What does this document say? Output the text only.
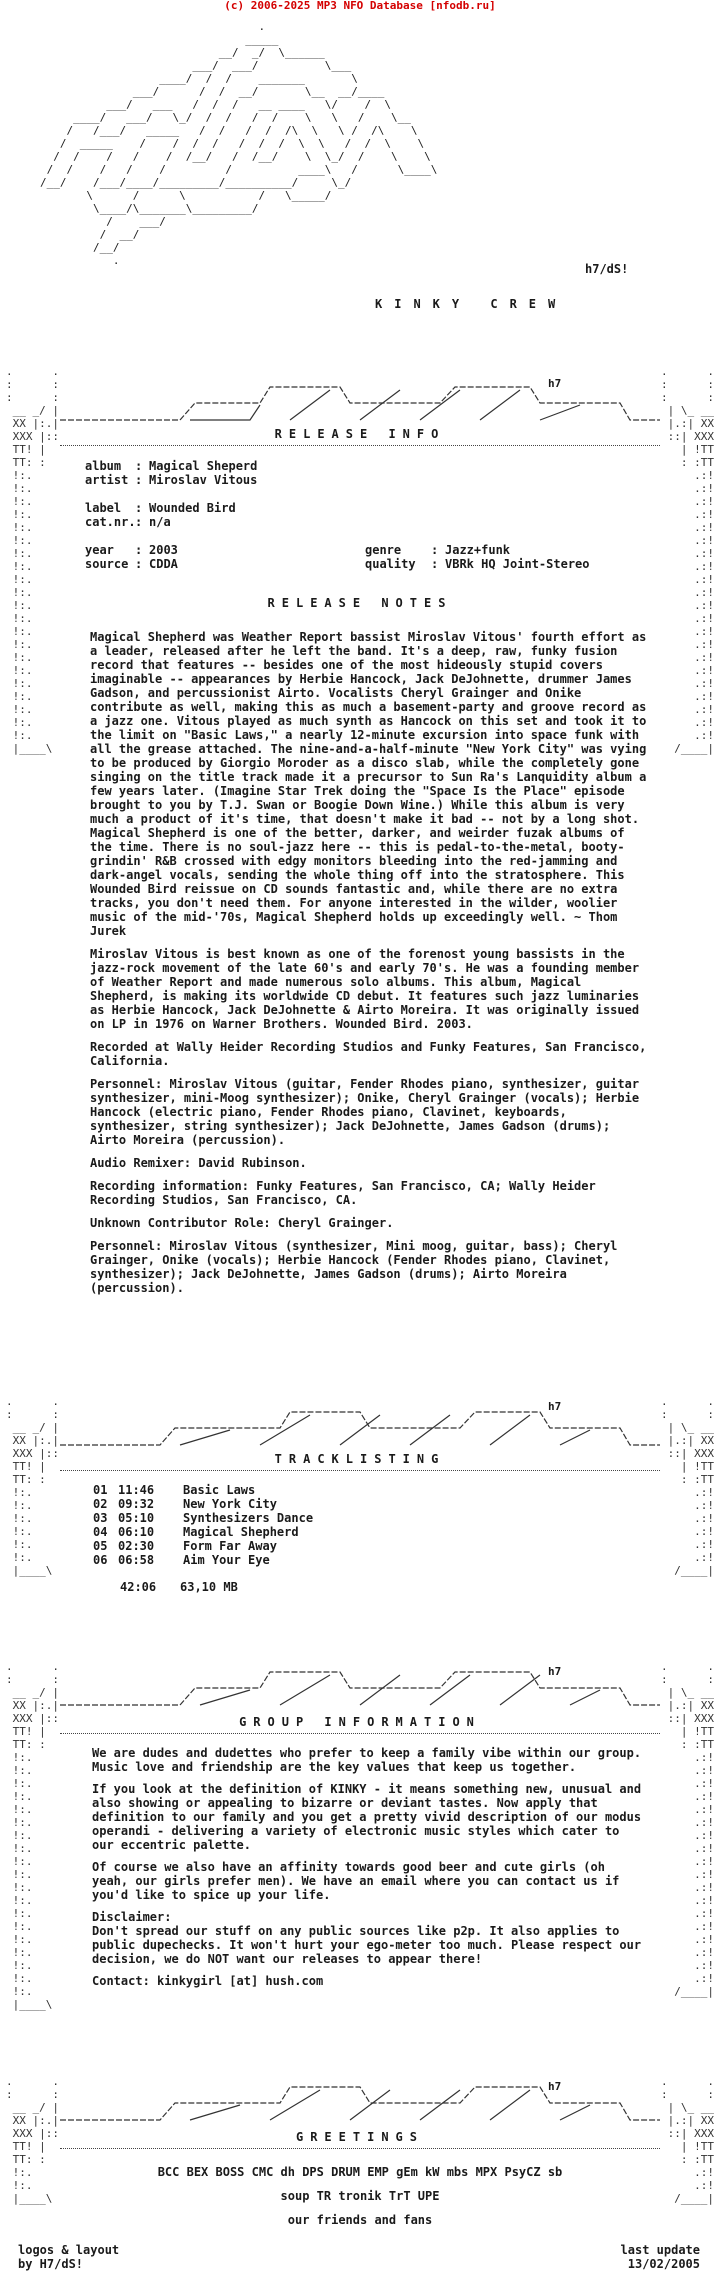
(c) 2006-2025 MP3 NFO Database [nfodb.ru]
.
_____
__/  _/  \______
___/  ___/          \___
____/  /  /    _______       \
___/      /  /  __/       \__  __/____
___/   ___   /  /  /   __ ____   \/    /  \
____/   ___/   \_/  /  /   /  /    \   \   /    \__
/   /___/   _____   /  /   /  /  /\  \   \ /  /\    \
/  _____    /    /  /  /   /  /  /  \  \   /  /  \    \
/  /    /   /    /  /__/   /  /__/    \  \_/  /    \    \
/  /    /   /    /         /          ____\   /      \____\
/__/    /___/____/_________/__________/     \_/
\      /      \           /   \_____/
\____/\_______\_________/
/    ___/
/  __/
/__/
.

h7/dS!
KINKY CREW
h7
.      .
:      :
:      :
__ _/ |
XX |:.|
XXX |::
TT! |
TT: :
!:.
!:.
!:.
!:.
!:.
!:.
!:.
!:.
!:.
!:.
!:.
!:.
!:.
!:.
!:.
!:.
!:.
!:.
!:.
!:.
!:.
|____\
.      .
:      :
:      :
| \_ __
|.:| XX
::| XXX
| !TT
: :TT
.:!
.:!
.:!
.:!
.:!
.:!
.:!
.:!
.:!
.:!
.:!
.:!
.:!
.:!
.:!
.:!
.:!
.:!
.:!
.:!
.:!
/____|
RELEASE INFO
album : Magical Sheperd
artist : Miroslav Vitous
label : Wounded Bird
cat.nr. : n/a
year : 2003	genre : Jazz+funk
source : CDDA	quality : VBRk HQ Joint-Stereo
RELEASE NOTES

Magical Shepherd was Weather Report bassist Miroslav Vitous' fourth effort as a leader, released after he left the band. It's a deep, raw, funky fusion record that features -- besides one of the most hideously stupid covers imaginable -- appearances by Herbie Hancock, Jack DeJohnette, drummer James Gadson, and percussionist Airto. Vocalists Cheryl Grainger and Onike contribute as well, making this as much a basement-party and groove record as a jazz one. Vitous played as much synth as Hancock on this set and took it to the limit on "Basic Laws," a nearly 12-minute excursion into space funk with all the grease attached. The nine-and-a-half-minute "New York City" was vying to be produced by Giorgio Moroder as a disco slab, while the completely gone singing on the title track made it a precursor to Sun Ra's Lanquidity album a few years later. (Imagine Star Trek doing the "Space Is the Place" episode brought to you by T.J. Swan or Boogie Down Wine.) While this album is very much a product of it's time, that doesn't make it bad -- not by a long shot. Magical Shepherd is one of the better, darker, and weirder fuzak albums of the time. There is no soul-jazz here -- this is pedal-to-the-metal, booty-grindin' R&B crossed with edgy monitors bleeding into the red-jamming and dark-angel vocals, sending the whole thing off into the stratosphere. This Wounded Bird reissue on CD sounds fantastic and, while there are no extra tracks, you don't need them. For anyone interested in the wilder, woolier music of the mid-'70s, Magical Shepherd holds up exceedingly well. ~ Thom Jurek

Miroslav Vitous is best known as one of the forenost young bassists in the jazz-rock movement of the late 60's and early 70's. He was a founding member of Weather Report and made numerous solo albums. This album, Magical Shepherd, is making its worldwide CD debut. It features such jazz luminaries as Herbie Hancock, Jack DeJohnette & Airto Moreira. It was originally issued on LP in 1976 on Warner Brothers. Wounded Bird. 2003.

Recorded at Wally Heider Recording Studios and Funky Features, San Francisco, California.

Personnel: Miroslav Vitous (guitar, Fender Rhodes piano, synthesizer, guitar synthesizer, mini-Moog synthesizer); Onike, Cheryl Grainger (vocals); Herbie Hancock (electric piano, Fender Rhodes piano, Clavinet, keyboards, synthesizer, string synthesizer); Jack DeJohnette, James Gadson (drums); Airto Moreira (percussion).

Audio Remixer: David Rubinson.

Recording information: Funky Features, San Francisco, CA; Wally Heider Recording Studios, San Francisco, CA.

Unknown Contributor Role: Cheryl Grainger.

Personnel: Miroslav Vitous (synthesizer, Mini moog, guitar, bass); Cheryl Grainger, Onike (vocals); Herbie Hancock (Fender Rhodes piano, Clavinet, synthesizer); Jack DeJohnette, James Gadson (drums); Airto Moreira (percussion).

h7
.      .
:      :
__ _/ |
XX |:.|
XXX |::
TT! |
TT: :
!:.
!:.
!:.
!:.
!:.
!:.
|____\
.      .
:      :
| \_ __
|.:| XX
::| XXX
| !TT
: :TT
.:!
.:!
.:!
.:!
.:!
.:!
/____|
TRACKLISTING
01 11:46 Basic Laws
02 09:32 New York City
03 05:10 Synthesizers Dance
04 06:10 Magical Shepherd
05 02:30 Form Far Away
06 06:58 Aim Your Eye
42:06 63,10 MB
h7
.      .
:      :
__ _/ |
XX |:.|
XXX |::
TT! |
TT: :
!:.
!:.
!:.
!:.
!:.
!:.
!:.
!:.
!:.
!:.
!:.
!:.
!:.
!:.
!:.
!:.
!:.
!:.
!:.
|____\
.      .
:      :
| \_ __
|.:| XX
::| XXX
| !TT
: :TT
.:!
.:!
.:!
.:!
.:!
.:!
.:!
.:!
.:!
.:!
.:!
.:!
.:!
.:!
.:!
.:!
.:!
.:!
/____|
GROUP INFORMATION

We are dudes and dudettes who prefer to keep a family vibe within our group. Music love and friendship are the key values that keep us together.

If you look at the definition of KINKY - it means something new, unusual and also showing or appealing to bizarre or deviant tastes. Now apply that definition to our family and you get a pretty vivid description of our modus operandi - delivering a variety of electronic music styles which cater to our eccentric palette.

Of course we also have an affinity towards good beer and cute girls (oh yeah, our girls prefer men). We have an email where you can contact us if you'd like to spice up your life.

Disclaimer:

Don't spread our stuff on any public sources like p2p. It also applies to public dupechecks. It won't hurt your ego-meter too much. Please respect our decision, we do NOT want our releases to appear there!

Contact: kinkygirl [at] hush.com

h7
.      .
:      :
__ _/ |
XX |:.|
XXX |::
TT! |
TT: :
!:.
!:.
|____\
.      .
:      :
| \_ __
|.:| XX
::| XXX
| !TT
: :TT
.:!
.:!
/____|
GREETINGS
BCC BEX BOSS CMC dh DPS DRUM EMP gEm kW mbs MPX PsyCZ sb
soup TR tronik TrT UPE
our friends and fans
logos & layout
by H7/dS!
last update
13/02/2005
